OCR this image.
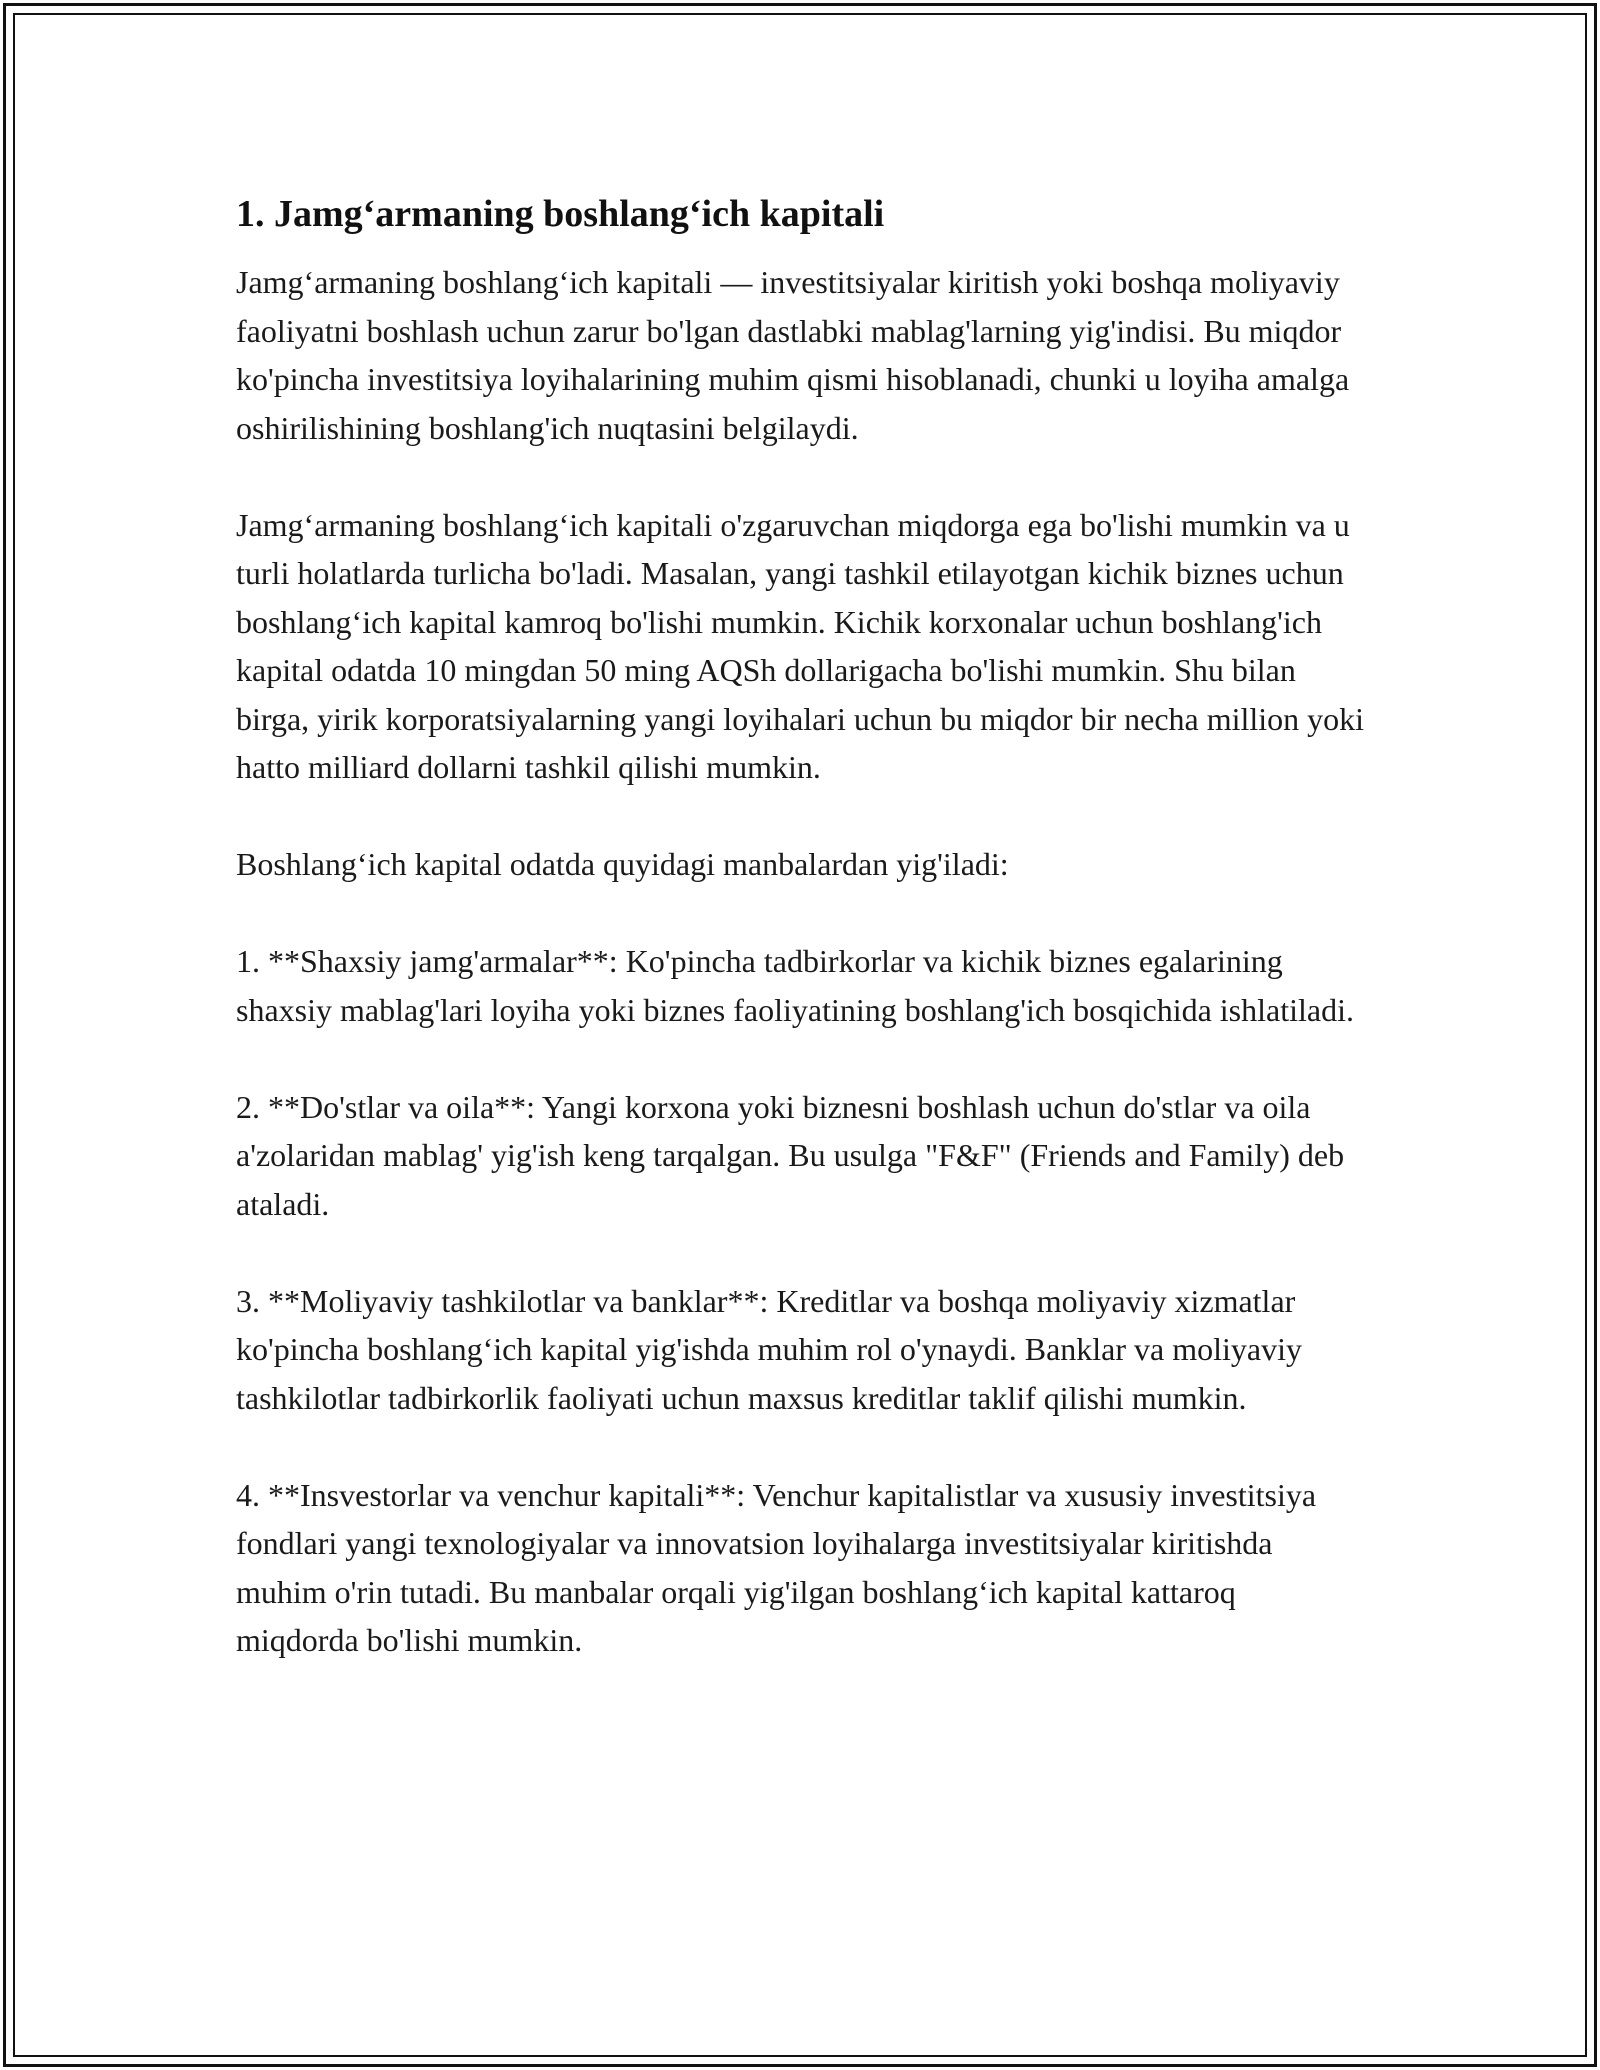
1. Jamg‘armaning boshlang‘ich kapitali

Jamg‘armaning boshlang‘ich kapitali — investitsiyalar kiritish yoki boshqa moliyaviy faoliyatni boshlash uchun zarur bo'lgan dastlabki mablag'larning yig'indisi. Bu miqdor ko'pincha investitsiya loyihalarining muhim qismi hisoblanadi, chunki u loyiha amalga oshirilishining boshlang'ich nuqtasini belgilaydi.

Jamg‘armaning boshlang‘ich kapitali o'zgaruvchan miqdorga ega bo'lishi mumkin va u turli holatlarda turlicha bo'ladi. Masalan, yangi tashkil etilayotgan kichik biznes uchun boshlang‘ich kapital kamroq bo'lishi mumkin. Kichik korxonalar uchun boshlang'ich kapital odatda 10 mingdan 50 ming AQSh dollarigacha bo'lishi mumkin. Shu bilan birga, yirik korporatsiyalarning yangi loyihalari uchun bu miqdor bir necha million yoki hatto milliard dollarni tashkil qilishi mumkin.

Boshlang‘ich kapital odatda quyidagi manbalardan yig'iladi:

1. **Shaxsiy jamg'armalar**: Ko'pincha tadbirkorlar va kichik biznes egalarining shaxsiy mablag'lari loyiha yoki biznes faoliyatining boshlang'ich bosqichida ishlatiladi.

2. **Do'stlar va oila**: Yangi korxona yoki biznesni boshlash uchun do'stlar va oila a'zolaridan mablag' yig'ish keng tarqalgan. Bu usulga "F&F" (Friends and Family) deb ataladi.

3. **Moliyaviy tashkilotlar va banklar**: Kreditlar va boshqa moliyaviy xizmatlar ko'pincha boshlang‘ich kapital yig'ishda muhim rol o'ynaydi. Banklar va moliyaviy tashkilotlar tadbirkorlik faoliyati uchun maxsus kreditlar taklif qilishi mumkin.

4. **Insvestorlar va venchur kapitali**: Venchur kapitalistlar va xususiy investitsiya fondlari yangi texnologiyalar va innovatsion loyihalarga investitsiyalar kiritishda muhim o'rin tutadi. Bu manbalar orqali yig'ilgan boshlang‘ich kapital kattaroq miqdorda bo'lishi mumkin.
